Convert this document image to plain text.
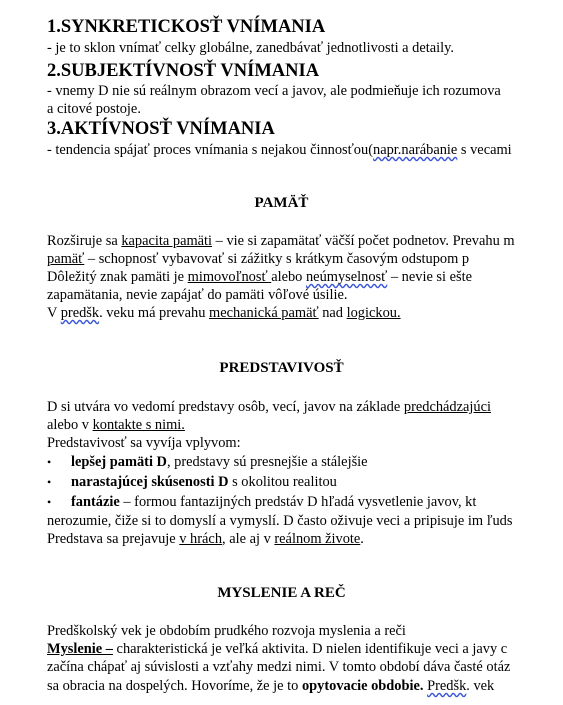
1.SYNKRETICKOSŤ VNÍMANIA
- je to sklon vnímať celky globálne, zanedbávať jednotlivosti a detaily.
2.SUBJEKTÍVNOSŤ VNÍMANIA
- vnemy D nie sú reálnym obrazom vecí a javov, ale podmieňuje ich rozumova
a citové postoje.
3.AKTÍVNOSŤ VNÍMANIA
- tendencia spájať proces vnímania s nejakou činnosťou(napr.narábanie s vecami
PAMÄŤ
Rozširuje sa kapacita pamäti – vie si zapamätať väčší počet podnetov. Prevahu m
pamäť – schopnosť vybavovať si zážitky s krátkym časovým odstupom p
Dôležitý znak pamäti je mimovoľnosť alebo neúmyselnosť – nevie si ešte
zapamätania, nevie zapájať do pamäti vôľové úsilie.
V predšk. veku má prevahu mechanická pamäť nad logickou.
PREDSTAVIVOSŤ
D si utvára vo vedomí predstavy osôb, vecí, javov na základe predchádzajúci
alebo v kontakte s nimi.
Predstavivosť sa vyvíja vplyvom:
• lepšej pamäti D, predstavy sú presnejšie a stálejšie
• narastajúcej skúsenosti D s okolitou realitou
• fantázie – formou fantazijných predstáv D hľadá vysvetlenie javov, kt
nerozumie, čiže si to domyslí a vymyslí. D často oživuje veci a pripisuje im ľuds
Predstava sa prejavuje v hrách, ale aj v reálnom živote.
MYSLENIE A REČ
Predškolský vek je obdobím prudkého rozvoja myslenia a reči
Myslenie – charakteristická je veľká aktivita. D nielen identifikuje veci a javy c
začína chápať aj súvislosti a vzťahy medzi nimi. V tomto období dáva časté otáz
sa obracia na dospelých. Hovoríme, že je to opytovacie obdobie. Predšk. vek
